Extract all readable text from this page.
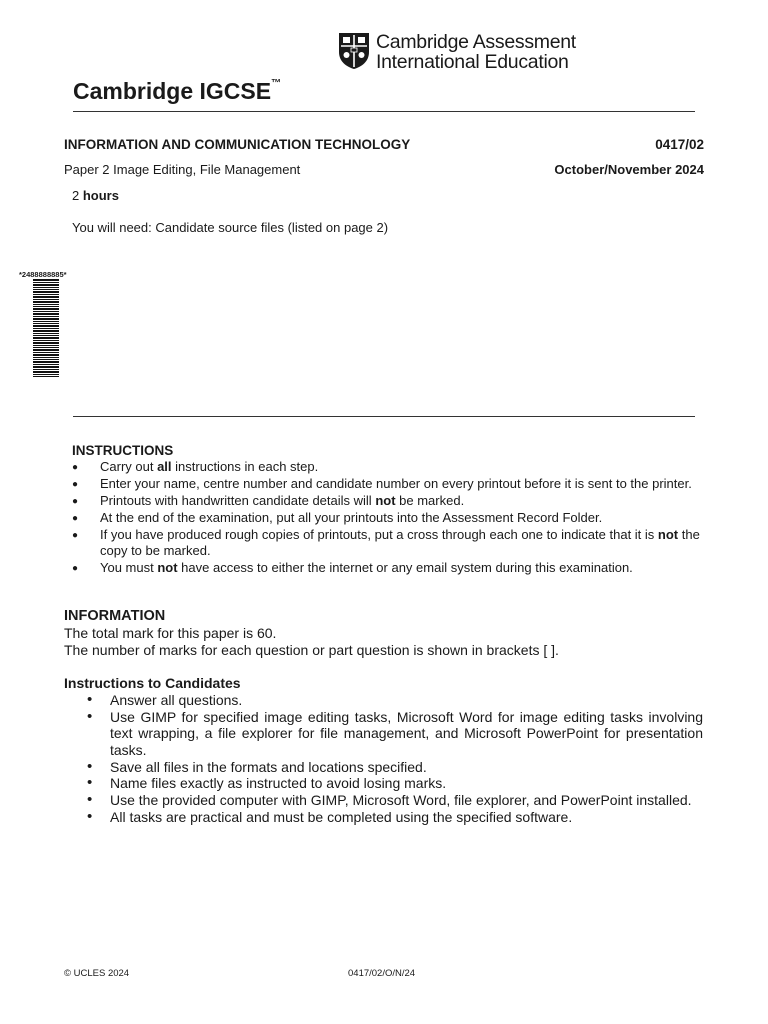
Cambridge Assessment
International Education
Cambridge IGCSE™
INFORMATION AND COMMUNICATION TECHNOLOGY	0417/02
Paper 2 Image Editing, File Management	October/November 2024
2 hours
You will need: Candidate source files (listed on page 2)
*2488888885*
INSTRUCTIONS
● Carry out all instructions in each step.
● Enter your name, centre number and candidate number on every printout before it is sent to the printer.
● Printouts with handwritten candidate details will not be marked.
● At the end of the examination, put all your printouts into the Assessment Record Folder.
● If you have produced rough copies of printouts, put a cross through each one to indicate that it is not the copy to be marked.
● You must not have access to either the internet or any email system during this examination.
INFORMATION
The total mark for this paper is 60.
The number of marks for each question or part question is shown in brackets [ ].
Instructions to Candidates
• Answer all questions.
• Use GIMP for specified image editing tasks, Microsoft Word for image editing tasks involving text wrapping, a file explorer for file management, and Microsoft PowerPoint for presentation tasks.
• Save all files in the formats and locations specified.
• Name files exactly as instructed to avoid losing marks.
• Use the provided computer with GIMP, Microsoft Word, file explorer, and PowerPoint installed.
• All tasks are practical and must be completed using the specified software.
© UCLES 2024	0417/02/O/N/24
